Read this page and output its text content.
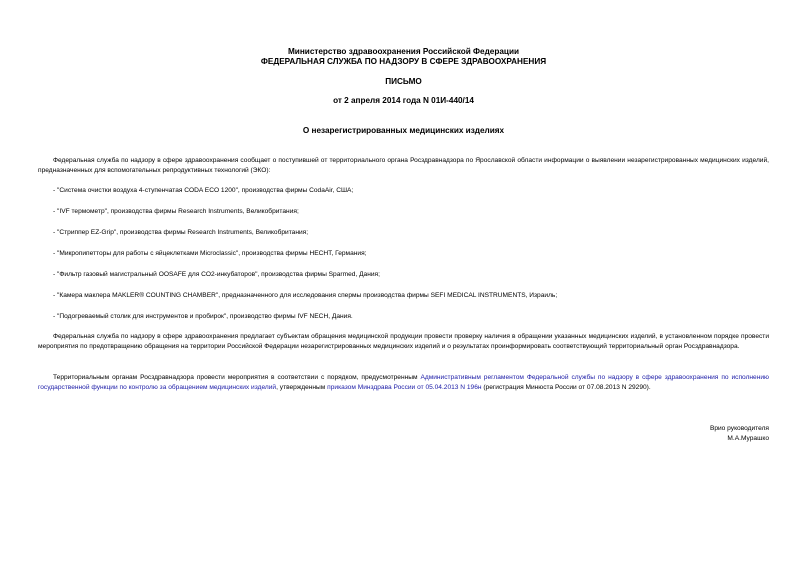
Министерство здравоохранения Российской Федерации
ФЕДЕРАЛЬНАЯ СЛУЖБА ПО НАДЗОРУ В СФЕРЕ ЗДРАВООХРАНЕНИЯ
ПИСЬМО
от 2 апреля 2014 года N 01И-440/14
О незарегистрированных медицинских изделиях
Федеральная служба по надзору в сфере здравоохранения сообщает о поступившей от территориального органа Росздравнадзора по Ярославской области информации о выявлении незарегистрированных медицинских изделий, предназначенных для вспомогательных репродуктивных технологий (ЭКО):
- "Система очистки воздуха 4-ступенчатая CODA ECO 1200", производства фирмы CodaAir, США;
- "IVF термометр", производства фирмы Research Instruments, Великобритания;
- "Стриппер EZ-Grip", производства фирмы Research Instruments, Великобритания;
- "Микропипетторы для работы с яйцеклетками Microclassic", производства фирмы HECHT, Германия;
- "Фильтр газовый магистральный OOSAFE для CO2-инкубаторов", производства фирмы Sparmed, Дания;
- "Камера маклера MAKLER® COUNTING CHAMBER", предназначенного для исследования спермы производства фирмы SEFI MEDICAL INSTRUMENTS, Израиль;
- "Подогреваемый столик для инструментов и пробирок", производство фирмы IVF NECH, Дания.
Федеральная служба по надзору в сфере здравоохранения предлагает субъектам обращения медицинской продукции провести проверку наличия в обращении указанных медицинских изделий, в установленном порядке провести мероприятия по предотвращению обращения на территории Российской Федерации незарегистрированных медицинских изделий и о результатах проинформировать соответствующий территориальный орган Росздравнадзора.
Территориальным органам Росздравнадзора провести мероприятия в соответствии с порядком, предусмотренным Административным регламентом Федеральной службы по надзору в сфере здравоохранения по исполнению государственной функции по контролю за обращением медицинских изделий, утвержденным приказом Минздрава России от 05.04.2013 N 196н (регистрация Минюста России от 07.08.2013 N 29290).
Врио руководителя
М.А.Мурашко
